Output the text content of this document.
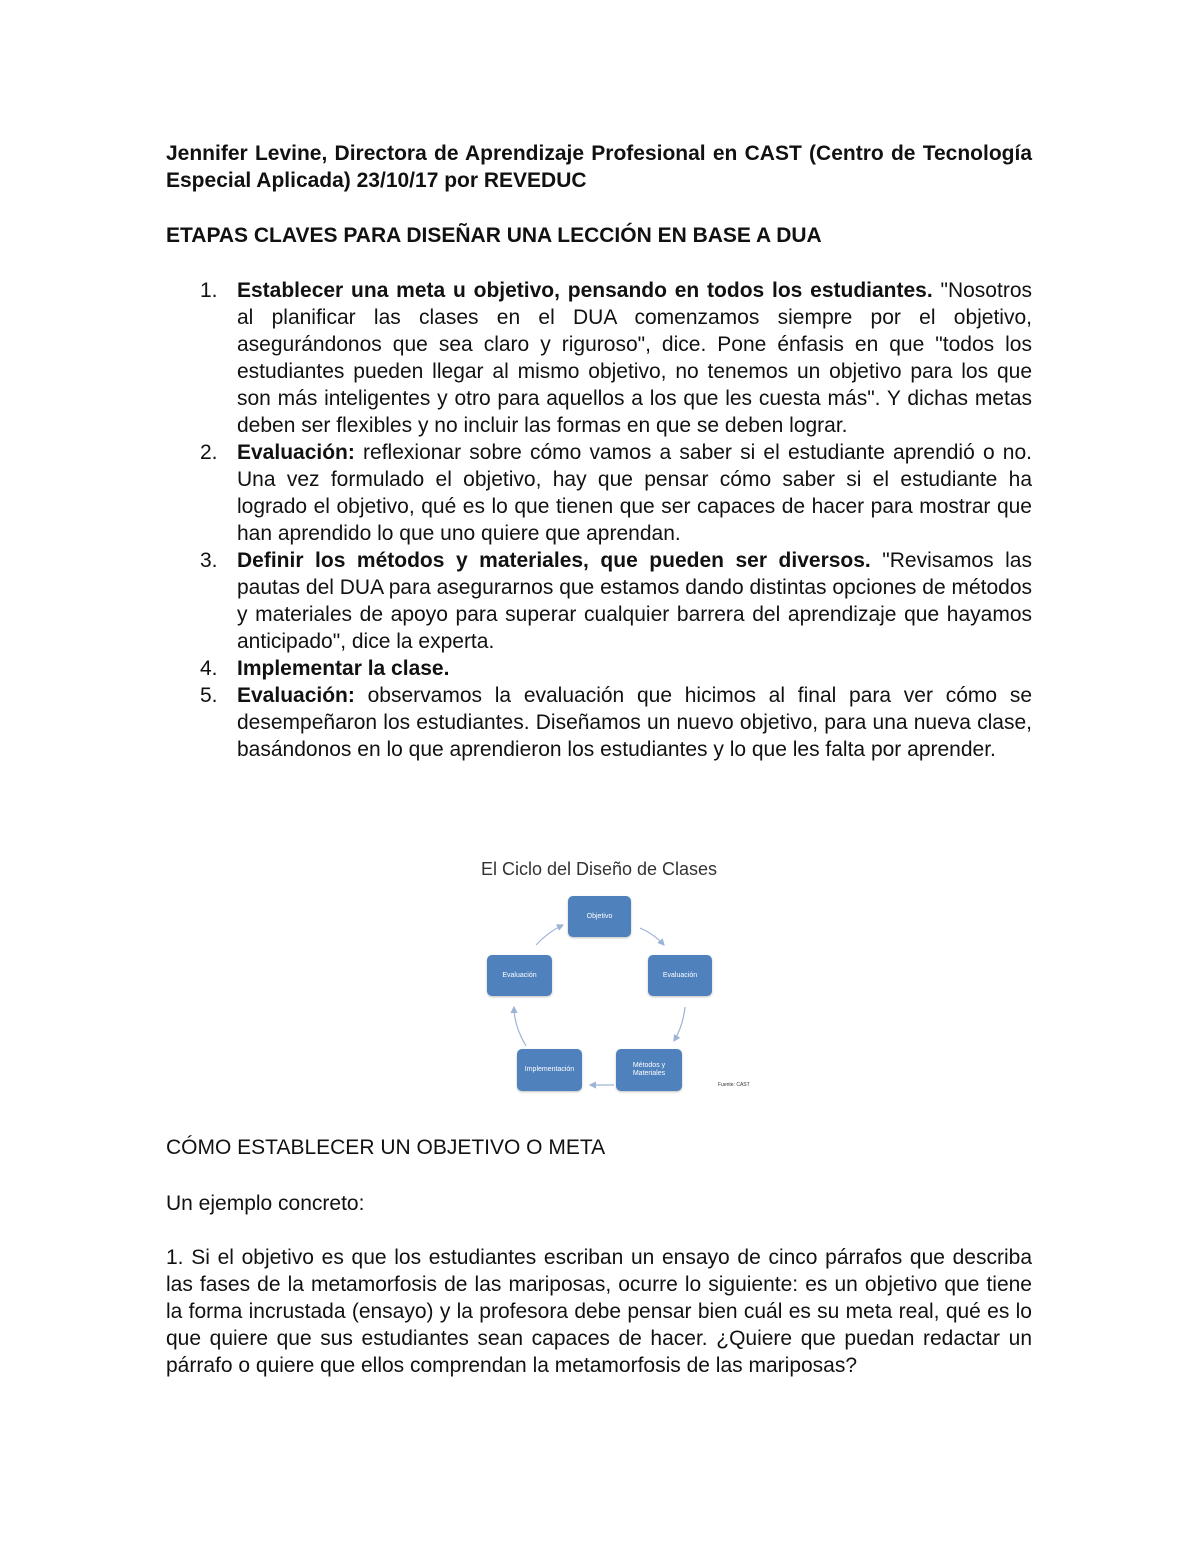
Jennifer Levine, Directora de Aprendizaje Profesional en CAST (Centro de Tecnología Especial Aplicada) 23/10/17 por REVEDUC
ETAPAS CLAVES PARA DISEÑAR UNA LECCIÓN EN BASE A DUA
1. Establecer una meta u objetivo, pensando en todos los estudiantes. "Nosotros al planificar las clases en el DUA comenzamos siempre por el objetivo, asegurándonos que sea claro y riguroso", dice. Pone énfasis en que "todos los estudiantes pueden llegar al mismo objetivo, no tenemos un objetivo para los que son más inteligentes y otro para aquellos a los que les cuesta más". Y dichas metas deben ser flexibles y no incluir las formas en que se deben lograr.
2. Evaluación: reflexionar sobre cómo vamos a saber si el estudiante aprendió o no. Una vez formulado el objetivo, hay que pensar cómo saber si el estudiante ha logrado el objetivo, qué es lo que tienen que ser capaces de hacer para mostrar que han aprendido lo que uno quiere que aprendan.
3. Definir los métodos y materiales, que pueden ser diversos. "Revisamos las pautas del DUA para asegurarnos que estamos dando distintas opciones de métodos y materiales de apoyo para superar cualquier barrera del aprendizaje que hayamos anticipado", dice la experta.
4. Implementar la clase.
5. Evaluación: observamos la evaluación que hicimos al final para ver cómo se desempeñaron los estudiantes. Diseñamos un nuevo objetivo, para una nueva clase, basándonos en lo que aprendieron los estudiantes y lo que les falta por aprender.
El Ciclo del Diseño de Clases
Objetivo
Evaluación
Métodos y Materiales
Implementación
Evaluación
Fuente: CAST
CÓMO ESTABLECER UN OBJETIVO O META
Un ejemplo concreto:
1. Si el objetivo es que los estudiantes escriban un ensayo de cinco párrafos que describa las fases de la metamorfosis de las mariposas, ocurre lo siguiente: es un objetivo que tiene la forma incrustada (ensayo) y la profesora debe pensar bien cuál es su meta real, qué es lo que quiere que sus estudiantes sean capaces de hacer. ¿Quiere que puedan redactar un párrafo o quiere que ellos comprendan la metamorfosis de las mariposas?
